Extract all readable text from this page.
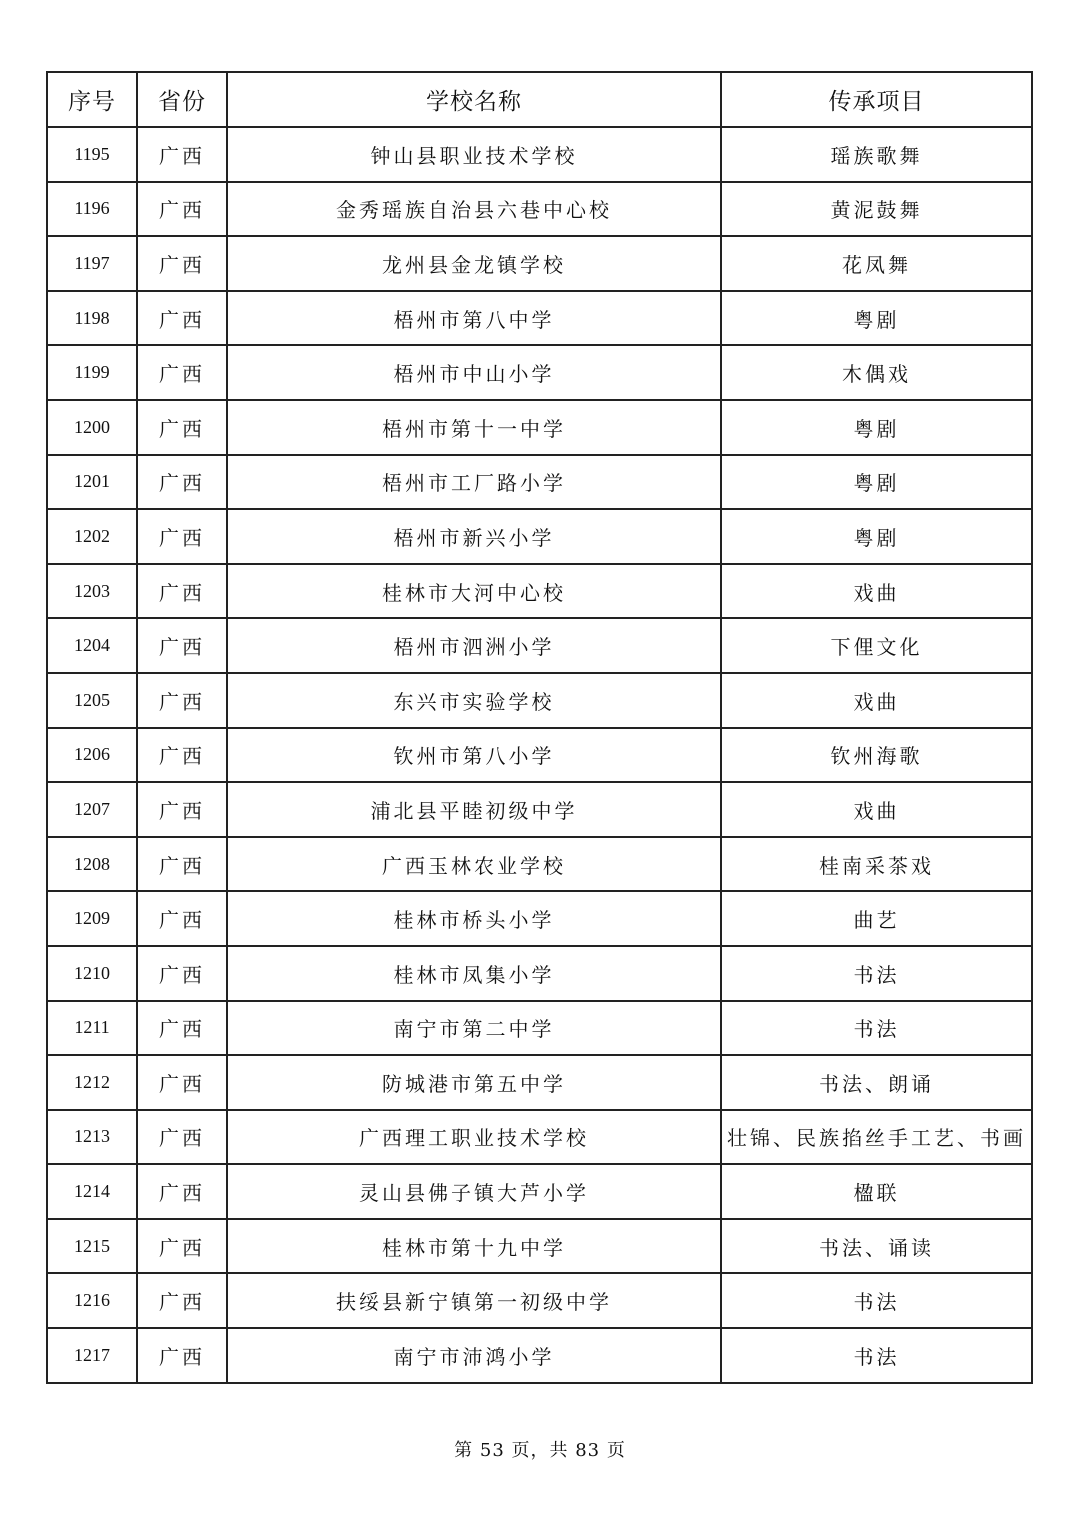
序号	省份	学校名称	传承项目
1195	广西	钟山县职业技术学校	瑶族歌舞
1196	广西	金秀瑶族自治县六巷中心校	黄泥鼓舞
1197	广西	龙州县金龙镇学校	花凤舞
1198	广西	梧州市第八中学	粤剧
1199	广西	梧州市中山小学	木偶戏
1200	广西	梧州市第十一中学	粤剧
1201	广西	梧州市工厂路小学	粤剧
1202	广西	梧州市新兴小学	粤剧
1203	广西	桂林市大河中心校	戏曲
1204	广西	梧州市泗洲小学	下俚文化
1205	广西	东兴市实验学校	戏曲
1206	广西	钦州市第八小学	钦州海歌
1207	广西	浦北县平睦初级中学	戏曲
1208	广西	广西玉林农业学校	桂南采茶戏
1209	广西	桂林市桥头小学	曲艺
1210	广西	桂林市凤集小学	书法
1211	广西	南宁市第二中学	书法
1212	广西	防城港市第五中学	书法、朗诵
1213	广西	广西理工职业技术学校	壮锦、民族掐丝手工艺、书画
1214	广西	灵山县佛子镇大芦小学	楹联
1215	广西	桂林市第十九中学	书法、诵读
1216	广西	扶绥县新宁镇第一初级中学	书法
1217	广西	南宁市沛鸿小学	书法
第 53 页，共 83 页
